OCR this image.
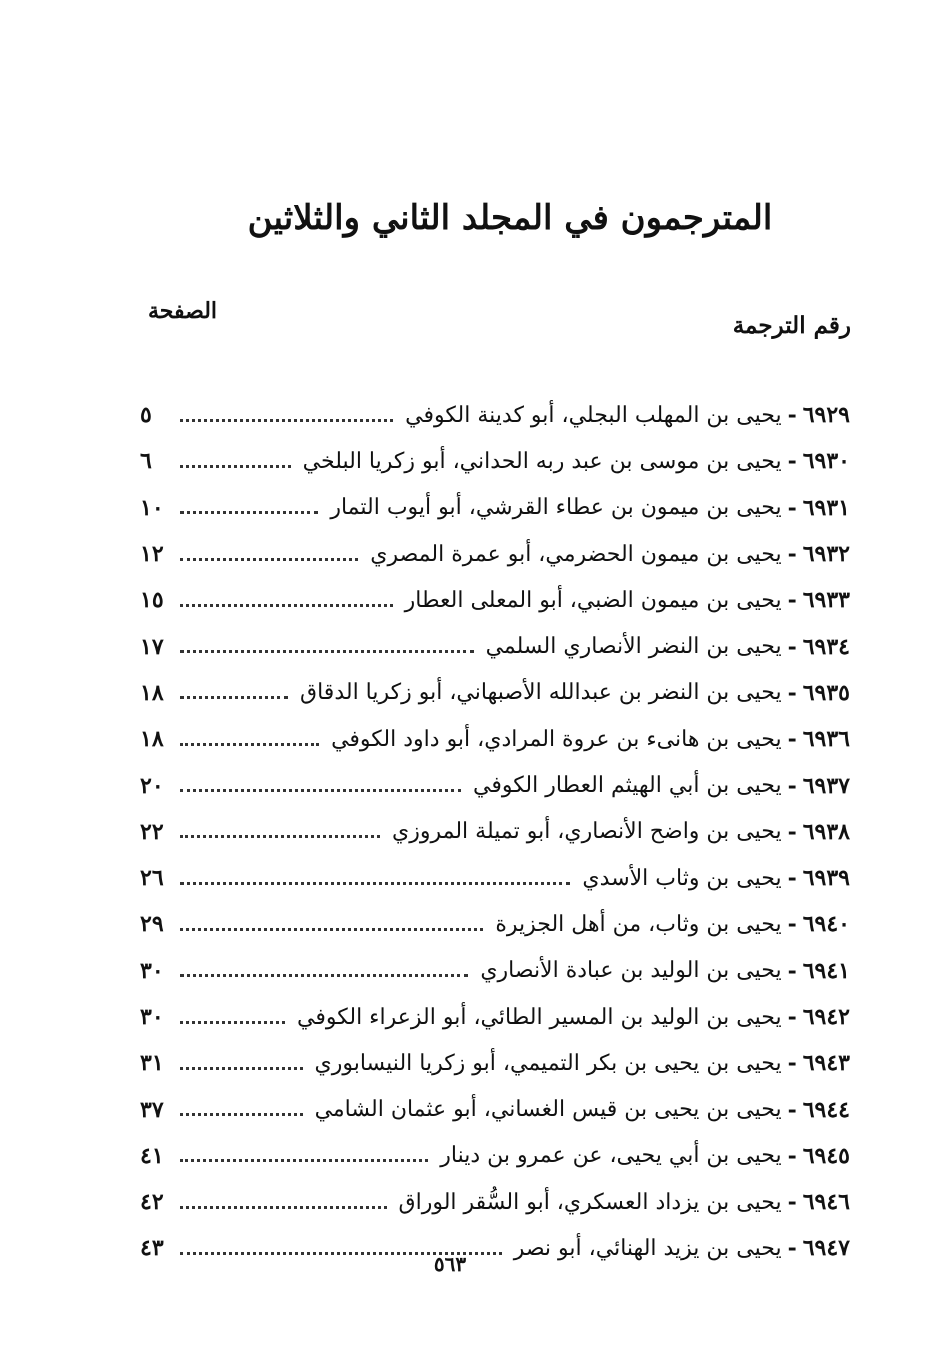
المترجمون في المجلد الثاني والثلاثين
رقم الترجمة
الصفحة
٦٩٢٩
-
يحيى بن المهلب البجلي، أبو كدينة الكوفي
٥
٦٩٣٠
-
يحيى بن موسى بن عبد ربه الحداني، أبو زكريا البلخي
٦
٦٩٣١
-
يحيى بن ميمون بن عطاء القرشي، أبو أيوب التمار
١٠
٦٩٣٢
-
يحيى بن ميمون الحضرمي، أبو عمرة المصري
١٢
٦٩٣٣
-
يحيى بن ميمون الضبي، أبو المعلى العطار
١٥
٦٩٣٤
-
يحيى بن النضر الأنصاري السلمي
١٧
٦٩٣٥
-
يحيى بن النضر بن عبدالله الأصبهاني، أبو زكريا الدقاق
١٨
٦٩٣٦
-
يحيى بن هانىء بن عروة المرادي، أبو داود الكوفي
١٨
٦٩٣٧
-
يحيى بن أبي الهيثم العطار الكوفي
٢٠
٦٩٣٨
-
يحيى بن واضح الأنصاري، أبو تميلة المروزي
٢٢
٦٩٣٩
-
يحيى بن وثاب الأسدي
٢٦
٦٩٤٠
-
يحيى بن وثاب، من أهل الجزيرة
٢٩
٦٩٤١
-
يحيى بن الوليد بن عبادة الأنصاري
٣٠
٦٩٤٢
-
يحيى بن الوليد بن المسير الطائي، أبو الزعراء الكوفي
٣٠
٦٩٤٣
-
يحيى بن يحيى بن بكر التميمي، أبو زكريا النيسابوري
٣١
٦٩٤٤
-
يحيى بن يحيى بن قيس الغساني، أبو عثمان الشامي
٣٧
٦٩٤٥
-
يحيى بن أبي يحيى، عن عمرو بن دينار
٤١
٦٩٤٦
-
يحيى بن يزداد العسكري، أبو السُّقر الوراق
٤٢
٦٩٤٧
-
يحيى بن يزيد الهنائي، أبو نصر
٤٣
٥٦٣
